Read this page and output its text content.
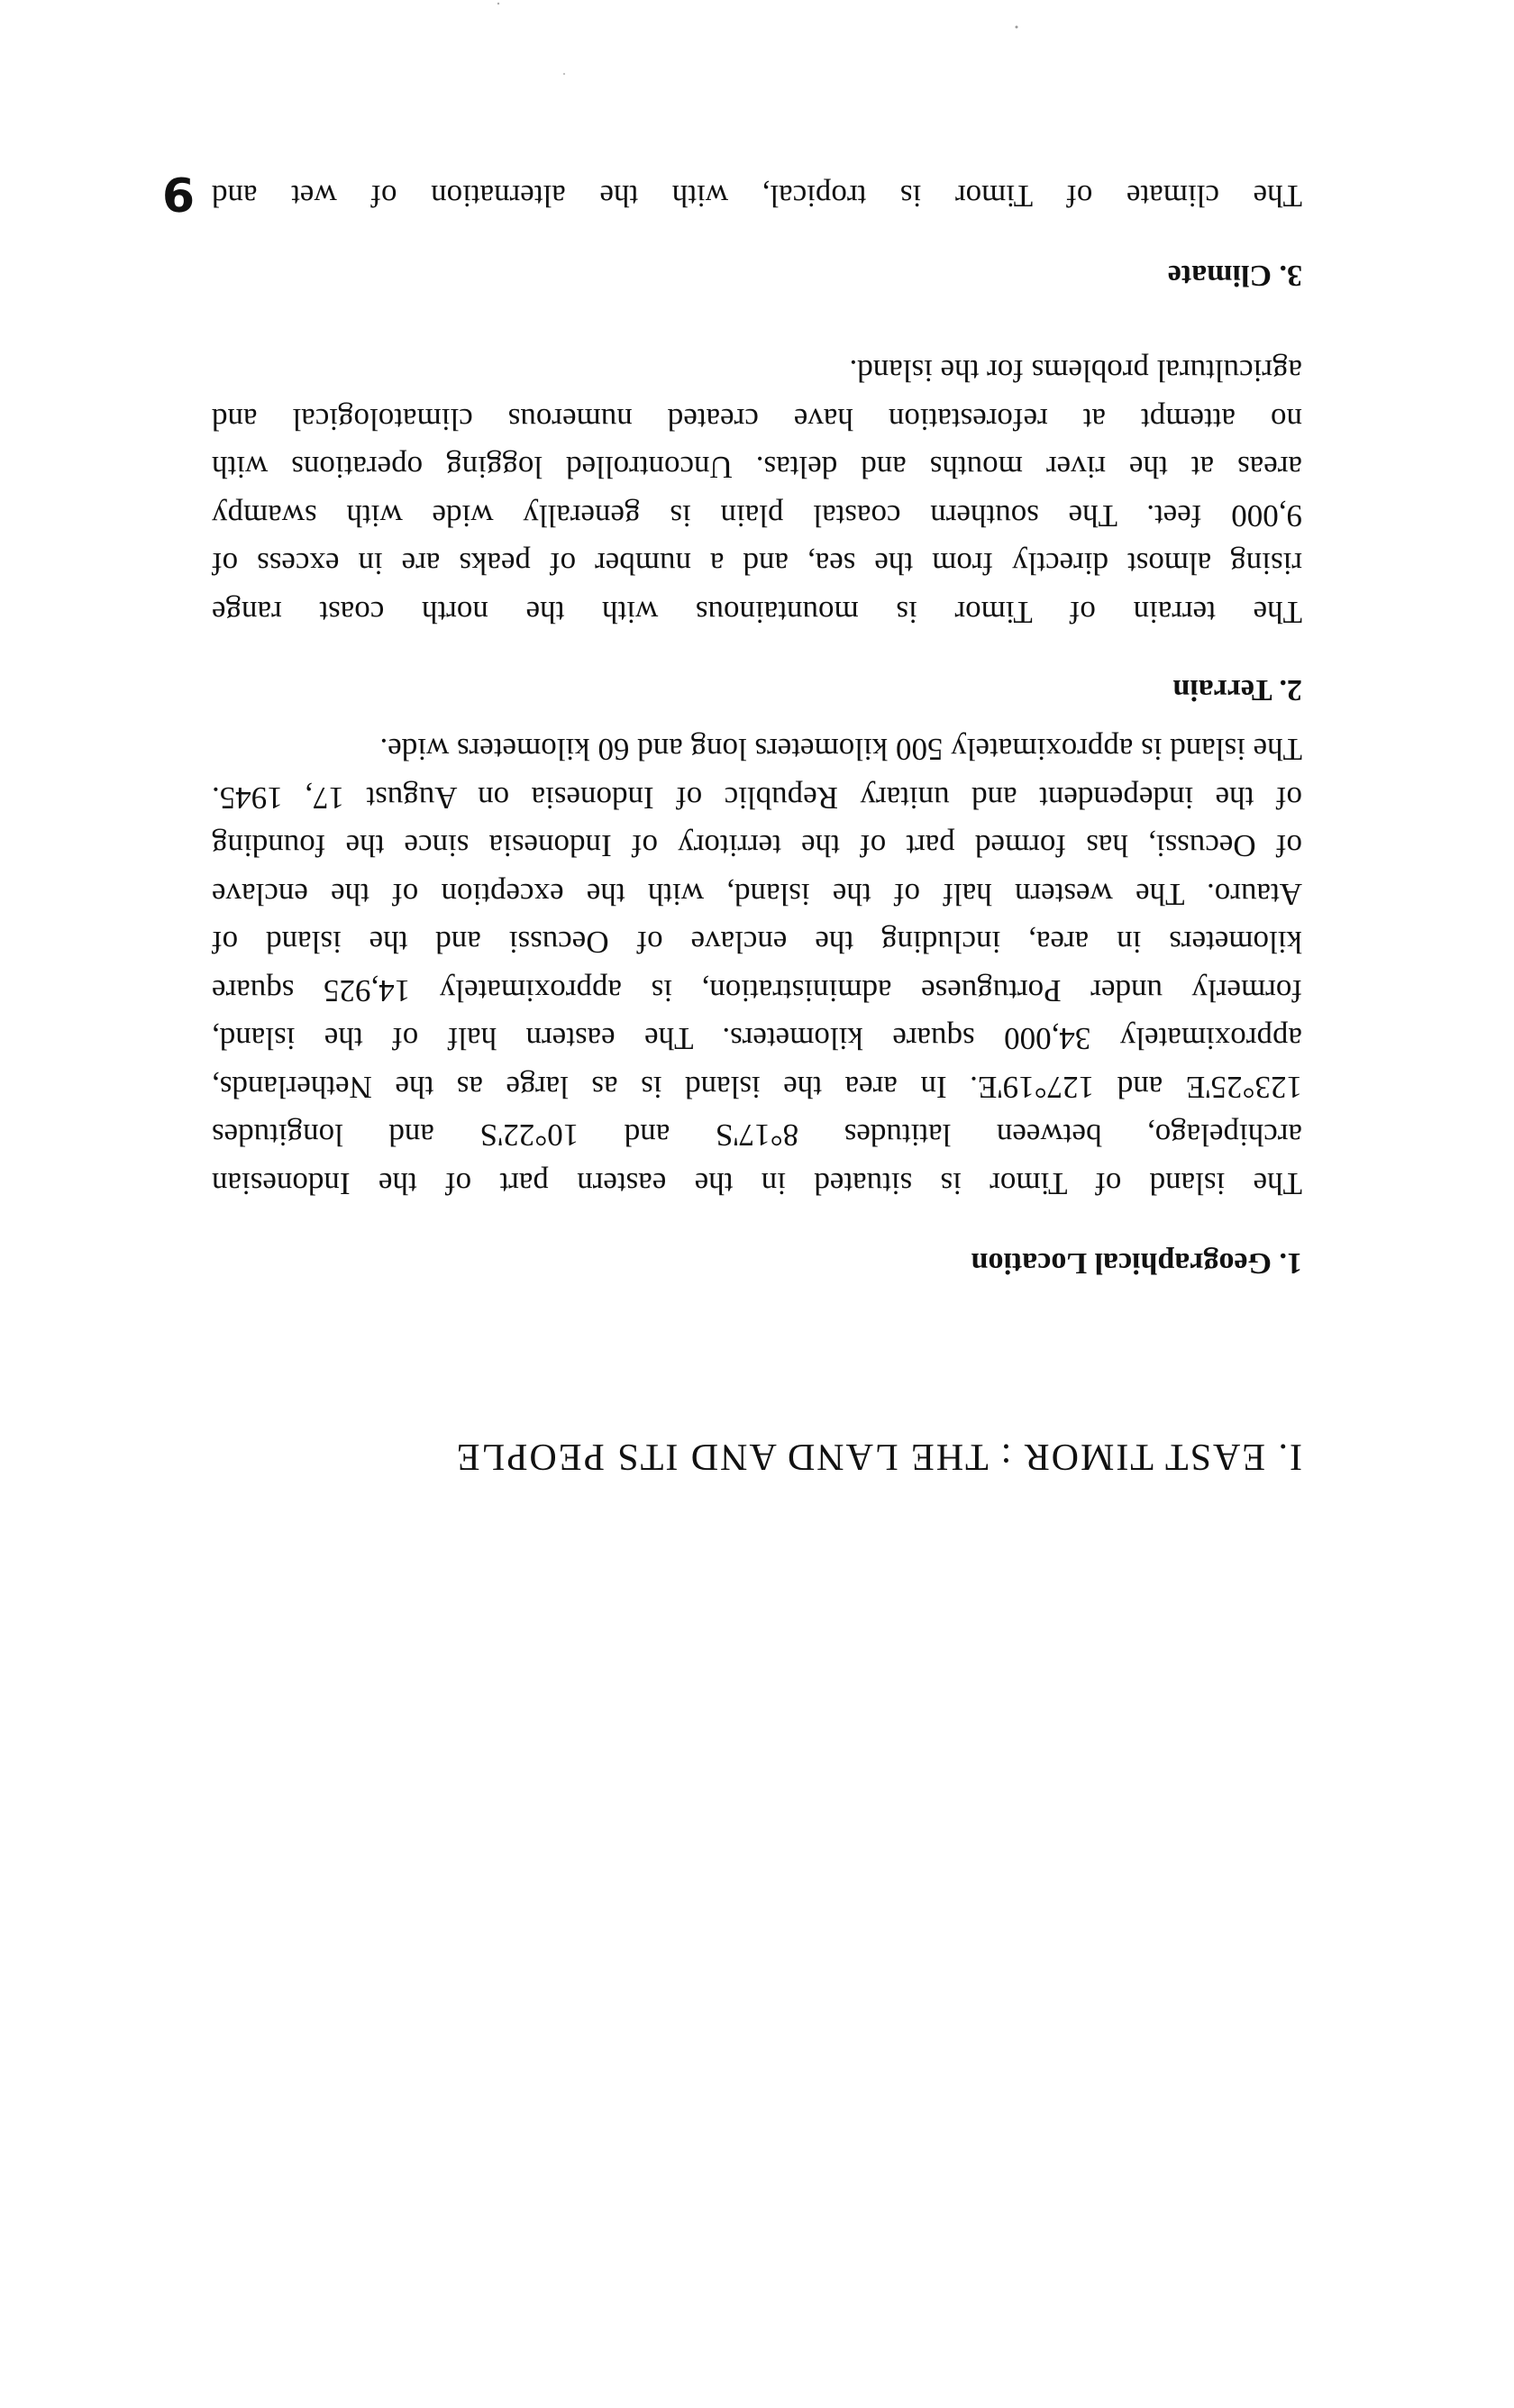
I. EAST TIMOR : THE LAND AND ITS PEOPLE
1. Geographical Location
The island of Timor is situated in the eastern part of the Indonesian
archipelago, between latitudes 8°17'S and 10°22'S and longitudes
123°25'E and 127°19'E. In area the island is as large as the Netherlands,
approximately 34,000 square kilometers. The eastern half of the island,
formerly under Portuguese administration, is approximately 14,925 square
kilometers in area, including the enclave of Oecussi and the island of
Atauro. The western half of the island, with the exception of the enclave
of Oecussi, has formed part of the territory of Indonesia since the founding
of the independent and unitary Republic of Indonesia on August 17, 1945.
The island is approximately 500 kilometers long and 60 kilometers wide.
2. Terrain
The terrain of Timor is mountainous with the north coast range
rising almost directly from the sea, and a number of peaks are in excess of
9,000 feet. The southern coastal plain is generally wide with swampy
areas at the river mouths and deltas. Uncontrolled logging operations with
no attempt at reforestation have created numerous climatological and
agricultural problems for the island.
3. Climate
The climate of Timor is tropical, with the alternation of wet and
9
